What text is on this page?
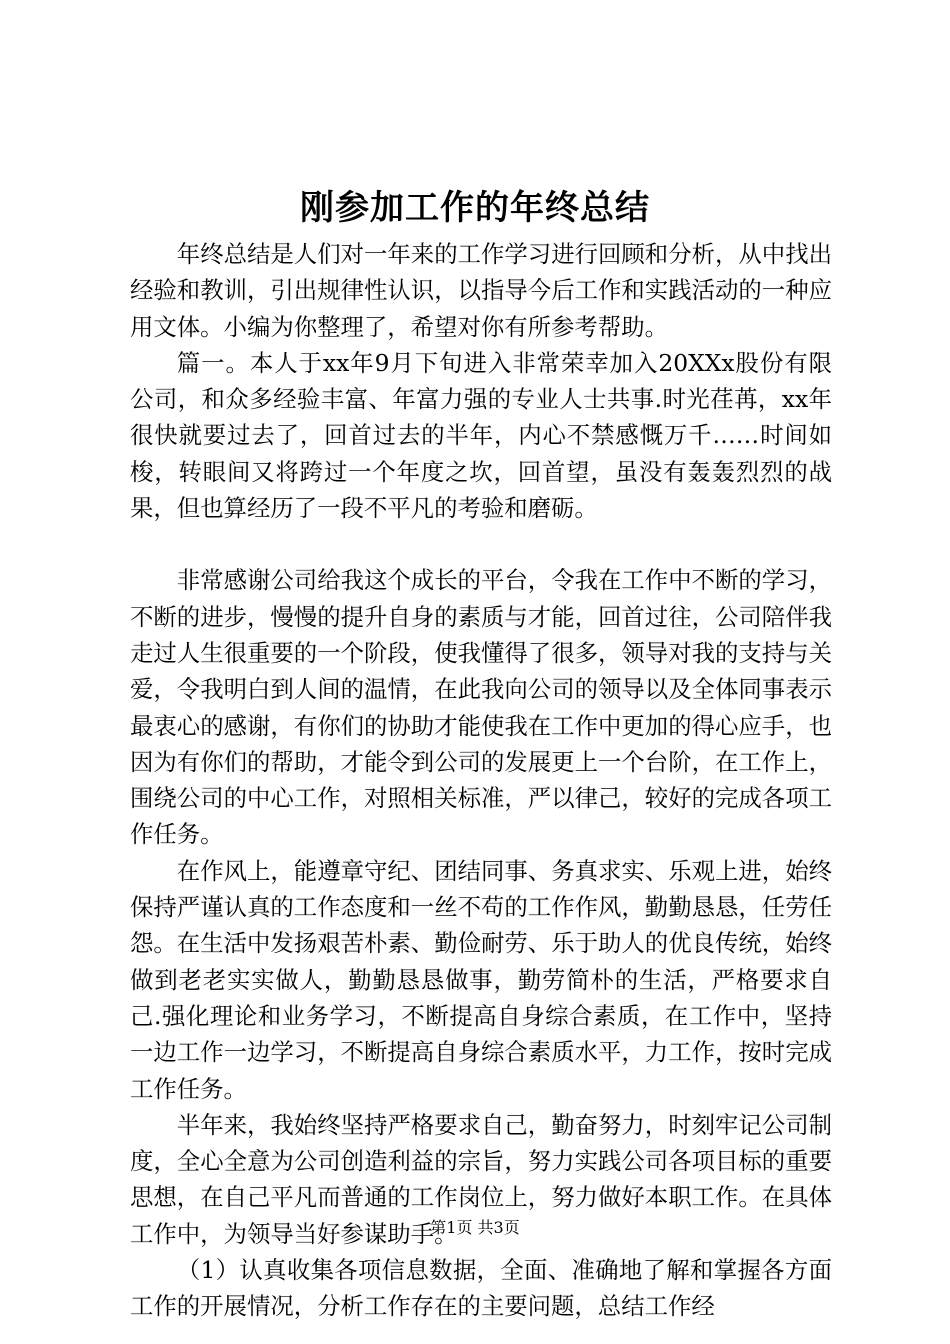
刚参加工作的年终总结

年终总结是人们对一年来的工作学习进行回顾和分析，从中找出经验和教训，引出规律性认识，以指导今后工作和实践活动的一种应用文体。小编为你整理了，希望对你有所参考帮助。

篇一。本人于xx年9月下旬进入非常荣幸加入20XXx股份有限公司，和众多经验丰富、年富力强的专业人士共事.时光荏苒，xx年很快就要过去了，回首过去的半年，内心不禁感慨万千……时间如梭，转眼间又将跨过一个年度之坎，回首望，虽没有轰轰烈烈的战果，但也算经历了一段不平凡的考验和磨砺。

非常感谢公司给我这个成长的平台，令我在工作中不断的学习，不断的进步，慢慢的提升自身的素质与才能，回首过往，公司陪伴我走过人生很重要的一个阶段，使我懂得了很多，领导对我的支持与关爱，令我明白到人间的温情，在此我向公司的领导以及全体同事表示最衷心的感谢，有你们的协助才能使我在工作中更加的得心应手，也因为有你们的帮助，才能令到公司的发展更上一个台阶，在工作上，围绕公司的中心工作，对照相关标准，严以律己，较好的完成各项工作任务。

在作风上，能遵章守纪、团结同事、务真求实、乐观上进，始终保持严谨认真的工作态度和一丝不苟的工作作风，勤勤恳恳，任劳任怨。在生活中发扬艰苦朴素、勤俭耐劳、乐于助人的优良传统，始终做到老老实实做人，勤勤恳恳做事，勤劳简朴的生活，严格要求自己.强化理论和业务学习，不断提高自身综合素质，在工作中，坚持一边工作一边学习，不断提高自身综合素质水平，力工作，按时完成工作任务。

半年来，我始终坚持严格要求自己，勤奋努力，时刻牢记公司制度，全心全意为公司创造利益的宗旨，努力实践公司各项目标的重要思想，在自己平凡而普通的工作岗位上，努力做好本职工作。在具体工作中，为领导当好参谋助手。

（1）认真收集各项信息数据，全面、准确地了解和掌握各方面工作的开展情况，分析工作存在的主要问题，总结工作经

第1页 共3页
